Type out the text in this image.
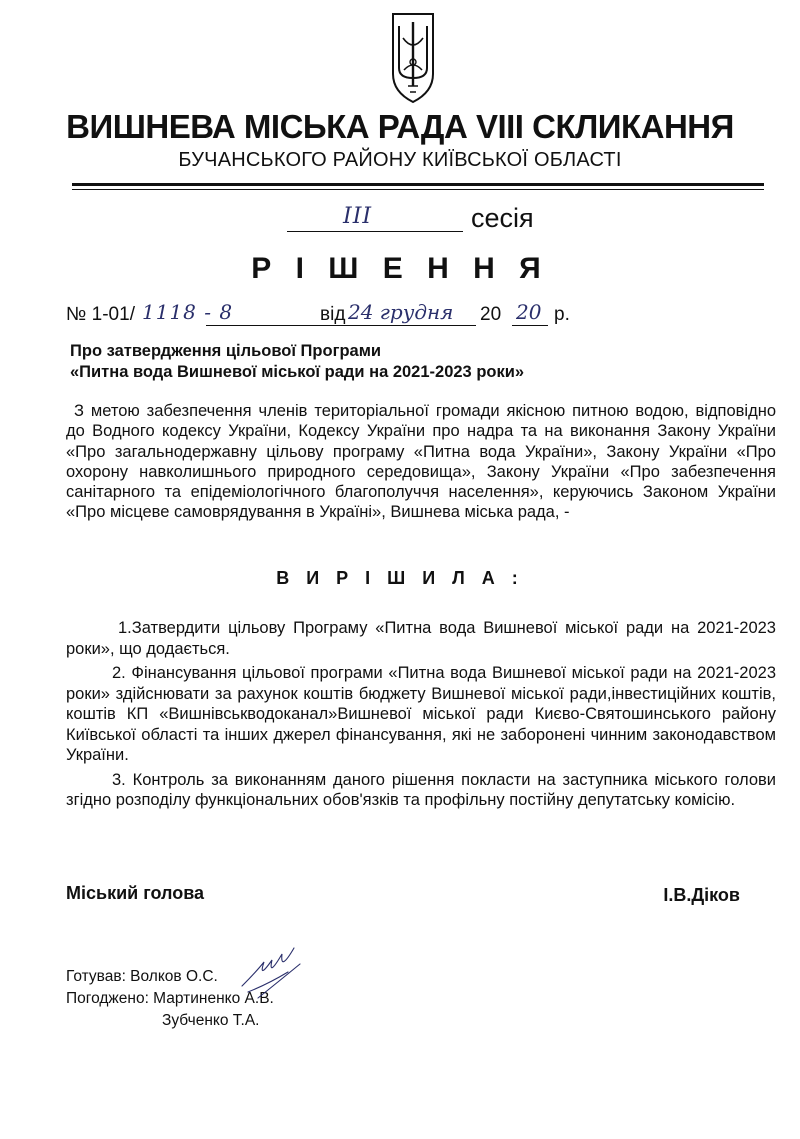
ВИШНЕВА МІСЬКА РАДА VIII СКЛИКАННЯ
БУЧАНСЬКОГО РАЙОНУ КИЇВСЬКОЇ ОБЛАСТІ
III	сесія
Р І Ш Е Н Н Я
№ 1-01/ 1118 - 8	від 24 грудня 20 20 р.
Про затвердження цільової Програми
«Питна вода Вишневої міської ради на 2021-2023 роки»
З метою забезпечення членів територіальної громади якісною питною водою, відповідно до Водного кодексу України, Кодексу України про надра та на виконання Закону України «Про загальнодержавну цільову програму «Питна вода України», Закону України «Про охорону навколишнього природного середовища», Закону України «Про забезпечення санітарного та епідеміологічного благополуччя населення», керуючись Законом України «Про місцеве самоврядування в Україні», Вишнева міська рада, -
В И Р І Ш И Л А :

1.Затвердити цільову Програму «Питна вода Вишневої міської ради на 2021-2023 роки», що додається.

2. Фінансування цільової програми «Питна вода Вишневої міської ради на 2021-2023 роки» здійснювати за рахунок коштів бюджету Вишневої міської ради,інвестиційних коштів, коштів КП «Вишнівськводоканал»Вишневої міської ради Києво-Святошинського району Київської області та інших джерел фінансування, які не заборонені чинним законодавством України.

3. Контроль за виконанням даного рішення покласти на заступника міського голови згідно розподілу функціональних обов'язків та профільну постійну депутатську комісію.

Міський голова	І.В.Діков
Готував: Волков О.С.
Погоджено: Мартиненко А.В.
Зубченко Т.А.
